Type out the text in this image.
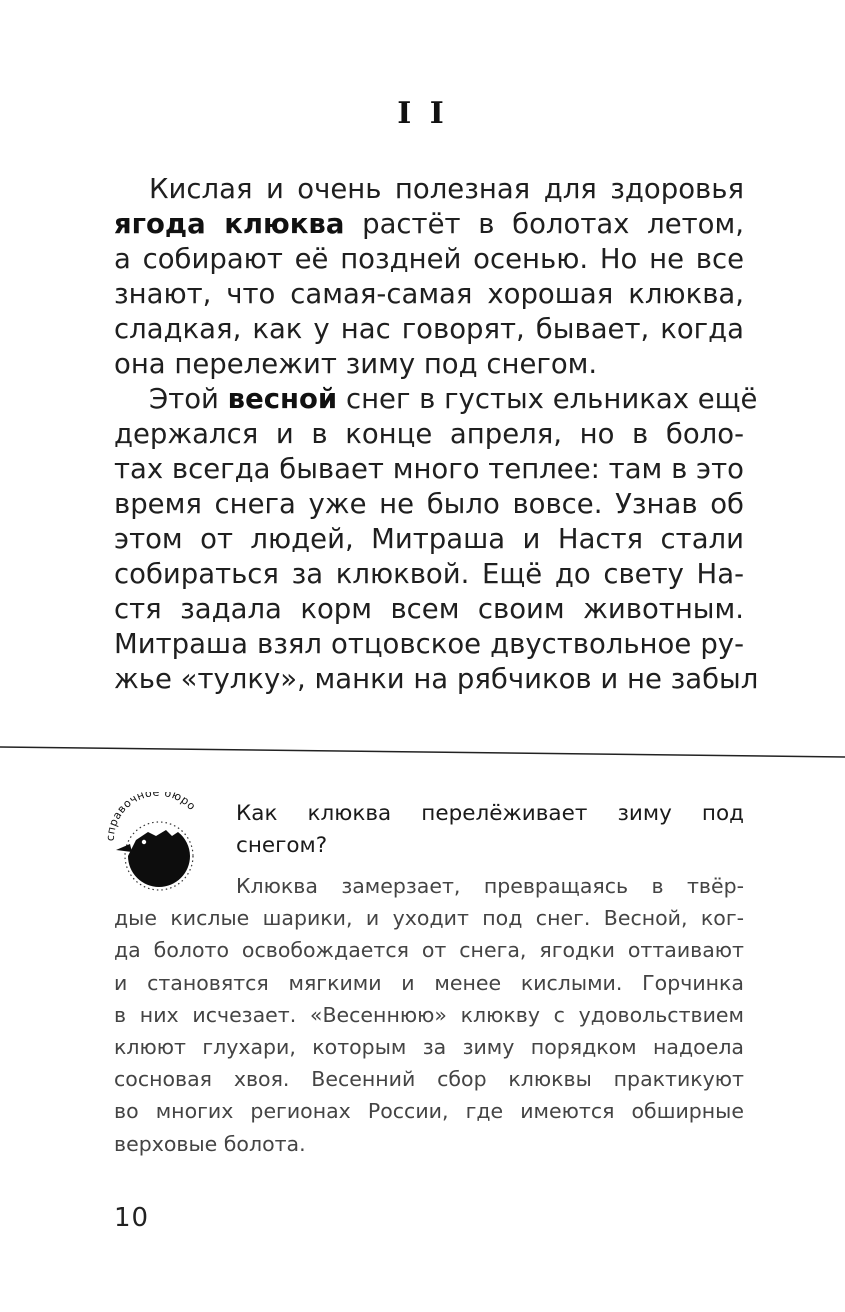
I I

Кислая и очень полезная для здоровья
ягода клюква растёт в болотах летом,
а собирают её поздней осенью. Но не все
знают, что самая-самая хорошая клюква,
сладкая, как у нас говорят, бывает, когда
она перележит зиму под снегом.

Этой весной снег в густых ельниках ещё
держался и в конце апреля, но в боло-
тах всегда бывает много теплее: там в это
время снега уже не было вовсе. Узнав об
этом от людей, Митраша и Настя стали
собираться за клюквой. Ещё до свету На-
стя задала корм всем своим животным.
Митраша взял отцовское двуствольное ру-
жье «тулку», манки на рябчиков и не забыл

справочное бюро Как клюква перелёживает зиму под
снегом?
Клюква замерзает, превращаясь в твёр-
дые кислые шарики, и уходит под снег. Весной, ког-
да болото освобождается от снега, ягодки оттаивают
и становятся мягкими и менее кислыми. Горчинка
в них исчезает. «Весеннюю» клюкву с удовольствием
клюют глухари, которым за зиму порядком надоела
сосновая хвоя. Весенний сбор клюквы практикуют
во многих регионах России, где имеются обширные
верховые болота.
10
